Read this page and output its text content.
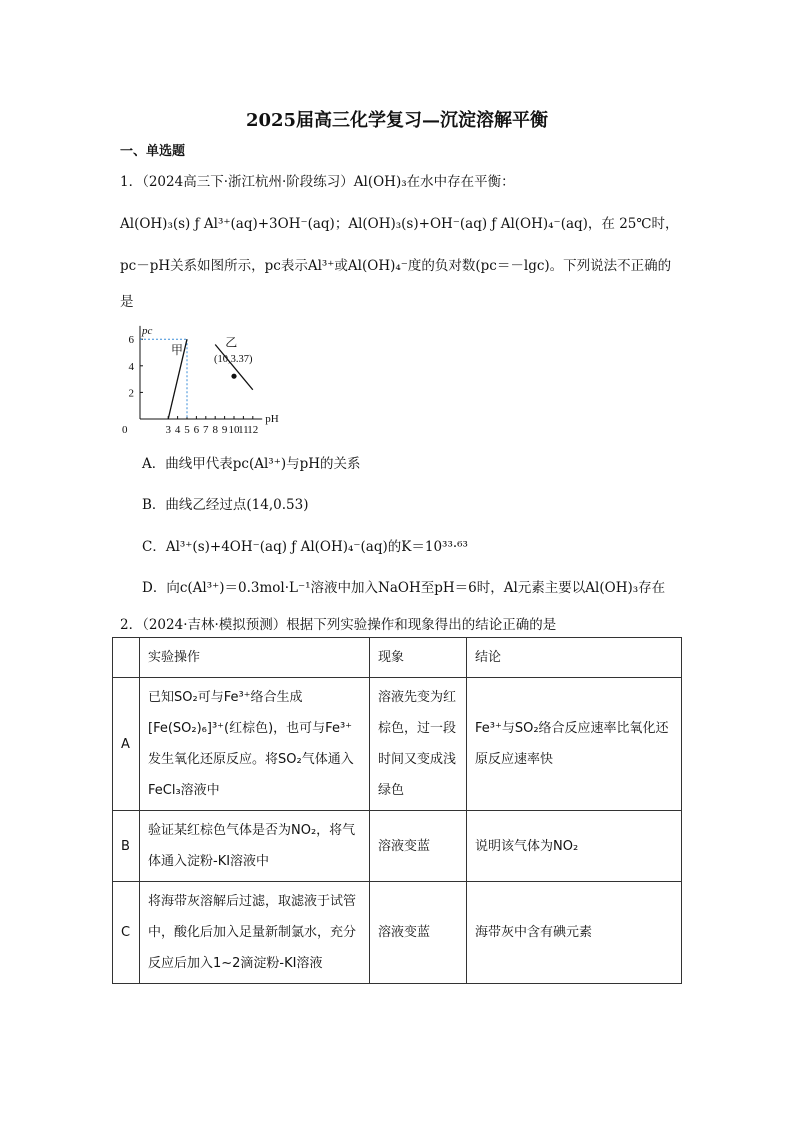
2025届高三化学复习—沉淀溶解平衡
一、单选题
1．（2024高三下·浙江杭州·阶段练习）Al(OH)₃在水中存在平衡：
Al(OH)₃(s) ƒ Al³⁺(aq)+3OH⁻(aq)；Al(OH)₃(s)+OH⁻(aq) ƒ Al(OH)₄⁻(aq)，在 25℃时，
pc－pH关系如图所示，pc表示Al³⁺或Al(OH)₄⁻度的负对数(pc＝－lgc)。下列说法不正确的
是
pH
pc
0	3 4 5 6 7 8 9 10
11
12
2
4
6
甲
乙
(10,3.37)
A．曲线甲代表pc(Al³⁺)与pH的关系
B．曲线乙经过点(14,0.53)
C．Al³⁺(s)+4OH⁻(aq) ƒ Al(OH)₄⁻(aq)的K＝10³³·⁶³
D．向c(Al³⁺)＝0.3mol·L⁻¹溶液中加入NaOH至pH＝6时，Al元素主要以Al(OH)₃存在
2．（2024·吉林·模拟预测）根据下列实验操作和现象得出的结论正确的是
	实验操作	现象	结论
A	已知SO₂可与Fe³⁺络合生成[Fe(SO₂)₆]³⁺(红棕色)，也可与Fe³⁺发生氧化还原反应。将SO₂气体通入FeCl₃溶液中	溶液先变为红棕色，过一段时间又变成浅绿色	Fe³⁺与SO₂络合反应速率比氧化还原反应速率快
B	验证某红棕色气体是否为NO₂，将气体通入淀粉-KI溶液中	溶液变蓝	说明该气体为NO₂
C	将海带灰溶解后过滤，取滤液于试管中，酸化后加入足量新制氯水，充分反应后加入1~2滴淀粉-KI溶液	溶液变蓝	海带灰中含有碘元素
